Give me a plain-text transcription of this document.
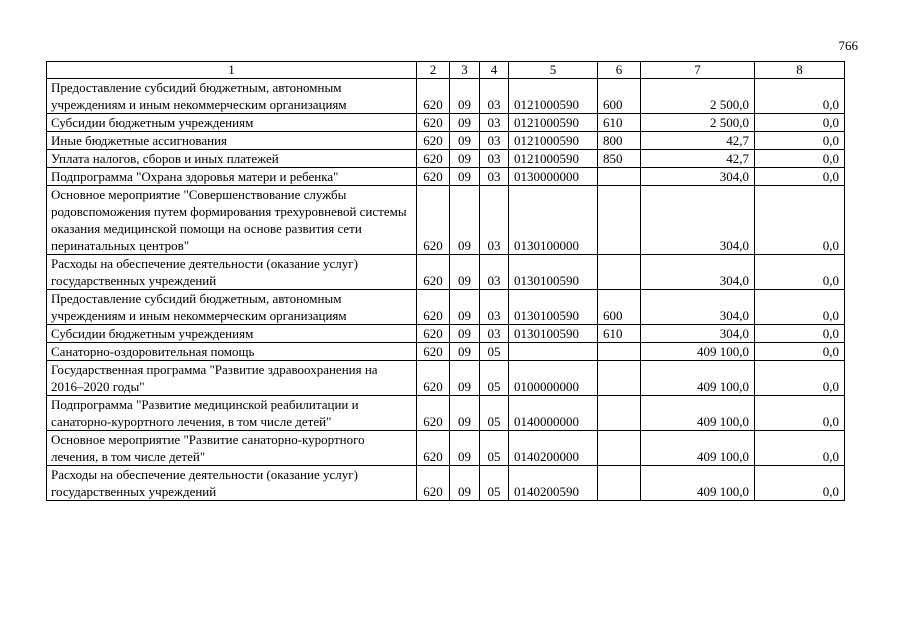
766
1	2	3	4	5	6	7	8
Предоставление субсидий бюджетным, автономным учреждениям и иным некоммерческим организациям	620	09	03	0121000590	600	2 500,0	0,0
Субсидии бюджетным учреждениям	620	09	03	0121000590	610	2 500,0	0,0
Иные бюджетные ассигнования	620	09	03	0121000590	800	42,7	0,0
Уплата налогов, сборов и иных платежей	620	09	03	0121000590	850	42,7	0,0
Подпрограмма "Охрана здоровья матери и ребенка"	620	09	03	0130000000		304,0	0,0
Основное мероприятие "Совершенствование службы родовспоможения путем формирования трехуровневой системы оказания медицинской помощи на основе развития сети перинатальных центров"	620	09	03	0130100000		304,0	0,0
Расходы на обеспечение деятельности (оказание услуг) государственных учреждений	620	09	03	0130100590		304,0	0,0
Предоставление субсидий бюджетным, автономным учреждениям и иным некоммерческим организациям	620	09	03	0130100590	600	304,0	0,0
Субсидии бюджетным учреждениям	620	09	03	0130100590	610	304,0	0,0
Санаторно-оздоровительная помощь	620	09	05			409 100,0	0,0
Государственная программа "Развитие здравоохранения на 2016–2020 годы"	620	09	05	0100000000		409 100,0	0,0
Подпрограмма "Развитие медицинской реабилитации и санаторно-курортного лечения, в том числе детей"	620	09	05	0140000000		409 100,0	0,0
Основное мероприятие "Развитие санаторно-курортного лечения, в том числе детей"	620	09	05	0140200000		409 100,0	0,0
Расходы на обеспечение деятельности (оказание услуг) государственных учреждений	620	09	05	0140200590		409 100,0	0,0
